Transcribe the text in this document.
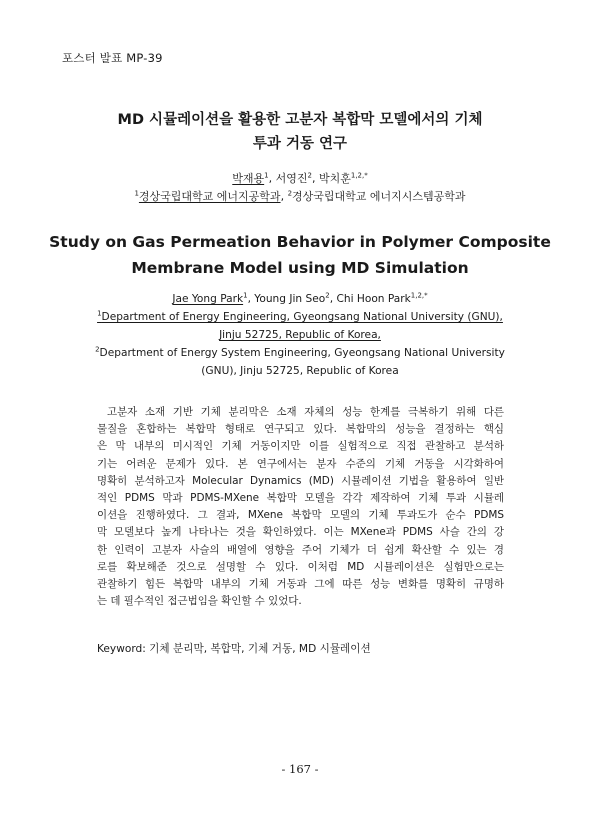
포스터 발표 MP-39
MD 시뮬레이션을 활용한 고분자 복합막 모델에서의 기체
투과 거동 연구
박재용$^1$, 서영진$^2$, 박치훈$^{1,2,*}$
$^1$경상국립대학교 에너지공학과, $^2$경상국립대학교 에너지시스템공학과
Study on Gas Permeation Behavior in Polymer Composite
Membrane Model using MD Simulation
Jae Yong Park$^1$, Young Jin Seo$^2$, Chi Hoon Park$^{1,2,*}$
$^1$Department of Energy Engineering, Gyeongsang National University (GNU),
Jinju 52725, Republic of Korea,
$^2$Department of Energy System Engineering, Gyeongsang National University
(GNU), Jinju 52725, Republic of Korea
고분자 소재 기반 기체 분리막은 소재 자체의 성능 한계를 극복하기 위해 다른
물질을 혼합하는 복합막 형태로 연구되고 있다. 복합막의 성능을 결정하는 핵심
은 막 내부의 미시적인 기체 거동이지만 이를 실험적으로 직접 관찰하고 분석하
기는 어려운 문제가 있다. 본 연구에서는 분자 수준의 기체 거동을 시각화하여
명확히 분석하고자 Molecular Dynamics (MD) 시뮬레이션 기법을 활용하여 일반
적인 PDMS 막과 PDMS-MXene 복합막 모델을 각각 제작하여 기체 투과 시뮬레
이션을 진행하였다. 그 결과, MXene 복합막 모델의 기체 투과도가 순수 PDMS
막 모델보다 높게 나타나는 것을 확인하였다. 이는 MXene과 PDMS 사슬 간의 강
한 인력이 고분자 사슬의 배열에 영향을 주어 기체가 더 쉽게 확산할 수 있는 경
로를 확보해준 것으로 설명할 수 있다. 이처럼 MD 시뮬레이션은 실험만으로는
관찰하기 힘든 복합막 내부의 기체 거동과 그에 따른 성능 변화를 명확히 규명하
는 데 필수적인 접근법임을 확인할 수 있었다.
Keyword: 기체 분리막, 복합막, 기체 거동, MD 시뮬레이션
- 167 -
